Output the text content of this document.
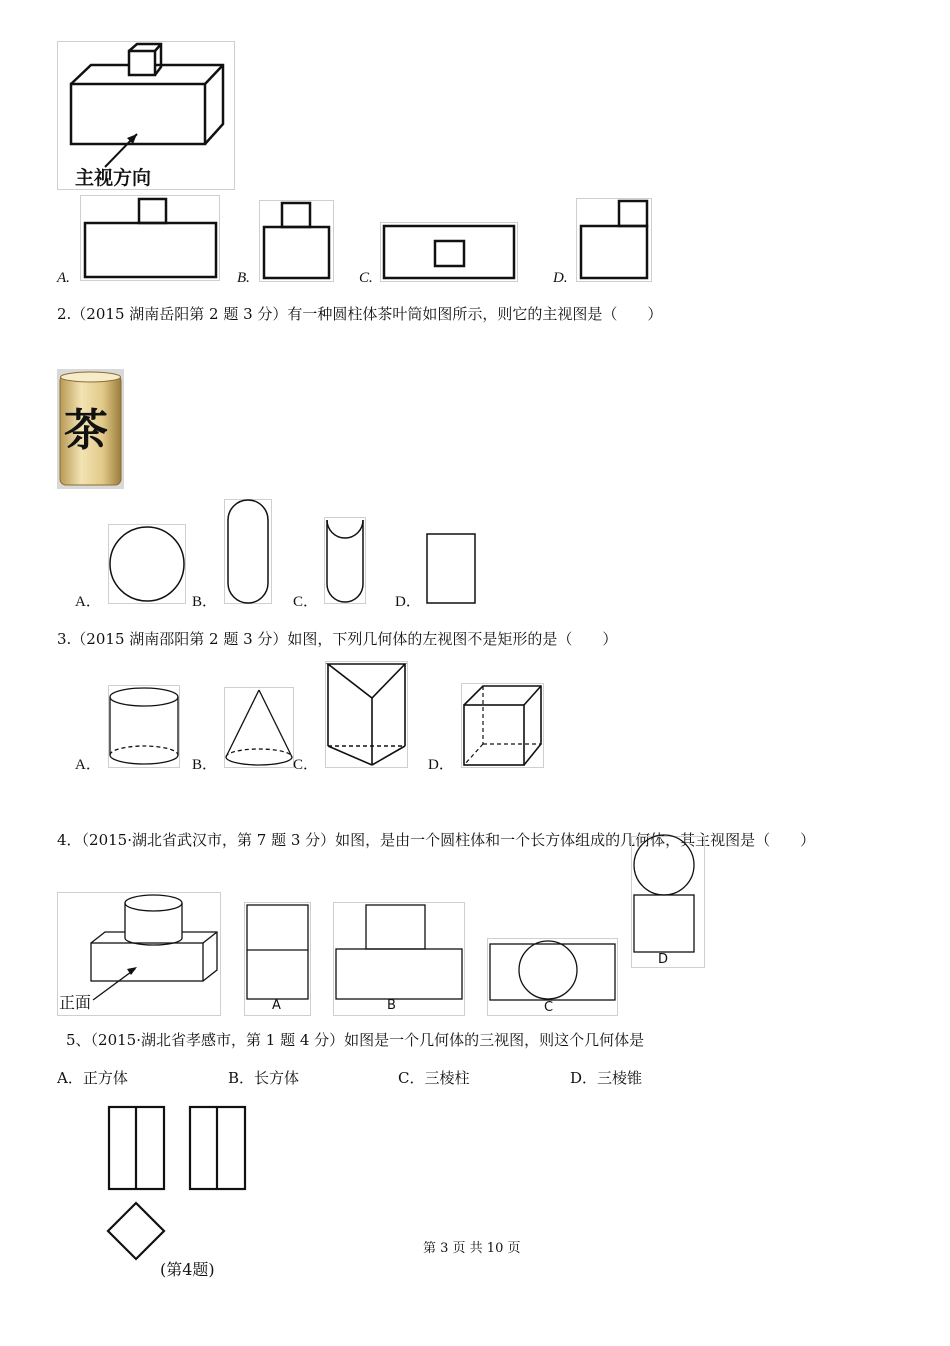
主视方向
A.	B.	C.	D.
2.（2015 湖南岳阳第 2 题 3 分）有一种圆柱体茶叶筒如图所示，则它的主视图是（　　）
茶
A．	B．	C．	D．
3.（2015 湖南邵阳第 2 题 3 分）如图，下列几何体的左视图不是矩形的是（　　）
A．	B．	C．	D．
4．（2015·湖北省武汉市，第 7 题 3 分）如图，是由一个圆柱体和一个长方体组成的几何体，其主视图是（　　）
正面	A	B	C
D
5、（2015·湖北省孝感市，第 1 题 4 分）如图是一个几何体的三视图，则这个几何体是
A．正方体	B．长方体	C．三棱柱	D．三棱锥
(第4题)
第 3 页 共 10 页
